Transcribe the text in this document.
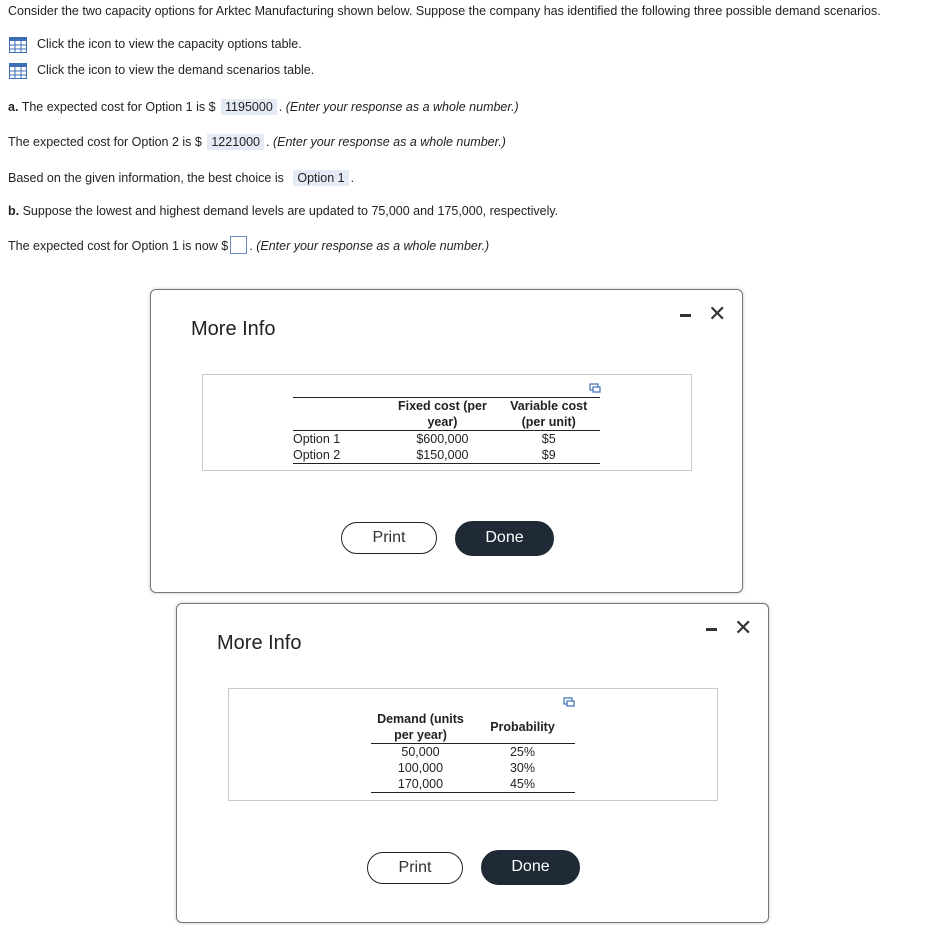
Consider the two capacity options for Arktec Manufacturing shown below. Suppose the company has identified the following three possible demand scenarios.
Click the icon to view the capacity options table.
Click the icon to view the demand scenarios table.
a. The expected cost for Option 1 is $ 1195000 . (Enter your response as a whole number.)
The expected cost for Option 2 is $ 1221000 . (Enter your response as a whole number.)
Based on the given information, the best choice is Option 1 .
b. Suppose the lowest and highest demand levels are updated to 75,000 and 175,000, respectively.
The expected cost for Option 1 is now $ . (Enter your response as a whole number.)
More Info
✕
	Fixed cost (per
year)	Variable cost
(per unit)
Option 1	$600,000	$5
Option 2	$150,000	$9
Print	Done
More Info
✕
Demand (units
per year)	Probability
50,000	25%
100,000	30%
170,000	45%
Print	Done
